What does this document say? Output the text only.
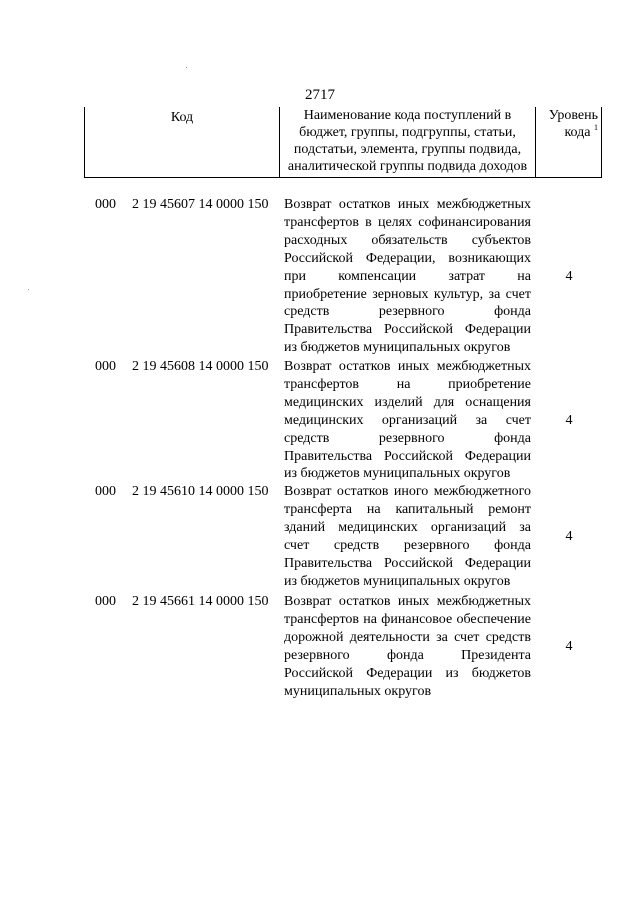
2717
Код	Наименование кода поступлений в
бюджет, группы, подгруппы, статьи,
подстатьи, элемента, группы подвида,
аналитической группы подвида доходов

Уровень
кода $^1$
000 2 19 45607 14 0000 150 Возврат остатков иных межбюджетных
трансфертов в целях софинансирования
расходных обязательств субъектов
Российской Федерации, возникающих
при компенсации затрат на
приобретение зерновых культур, за счет
средств резервного фонда
Правительства Российской Федерации
из бюджетов муниципальных округов
4
000 2 19 45608 14 0000 150 Возврат остатков иных межбюджетных
трансфертов на приобретение
медицинских изделий для оснащения
медицинских организаций за счет
средств резервного фонда
Правительства Российской Федерации
из бюджетов муниципальных округов
4
000 2 19 45610 14 0000 150 Возврат остатков иного межбюджетного
трансферта на капитальный ремонт
зданий медицинских организаций за
счет средств резервного фонда
Правительства Российской Федерации
из бюджетов муниципальных округов
4
000 2 19 45661 14 0000 150 Возврат остатков иных межбюджетных
трансфертов на финансовое обеспечение
дорожной деятельности за счет средств
резервного фонда Президента
Российской Федерации из бюджетов
муниципальных округов
4
